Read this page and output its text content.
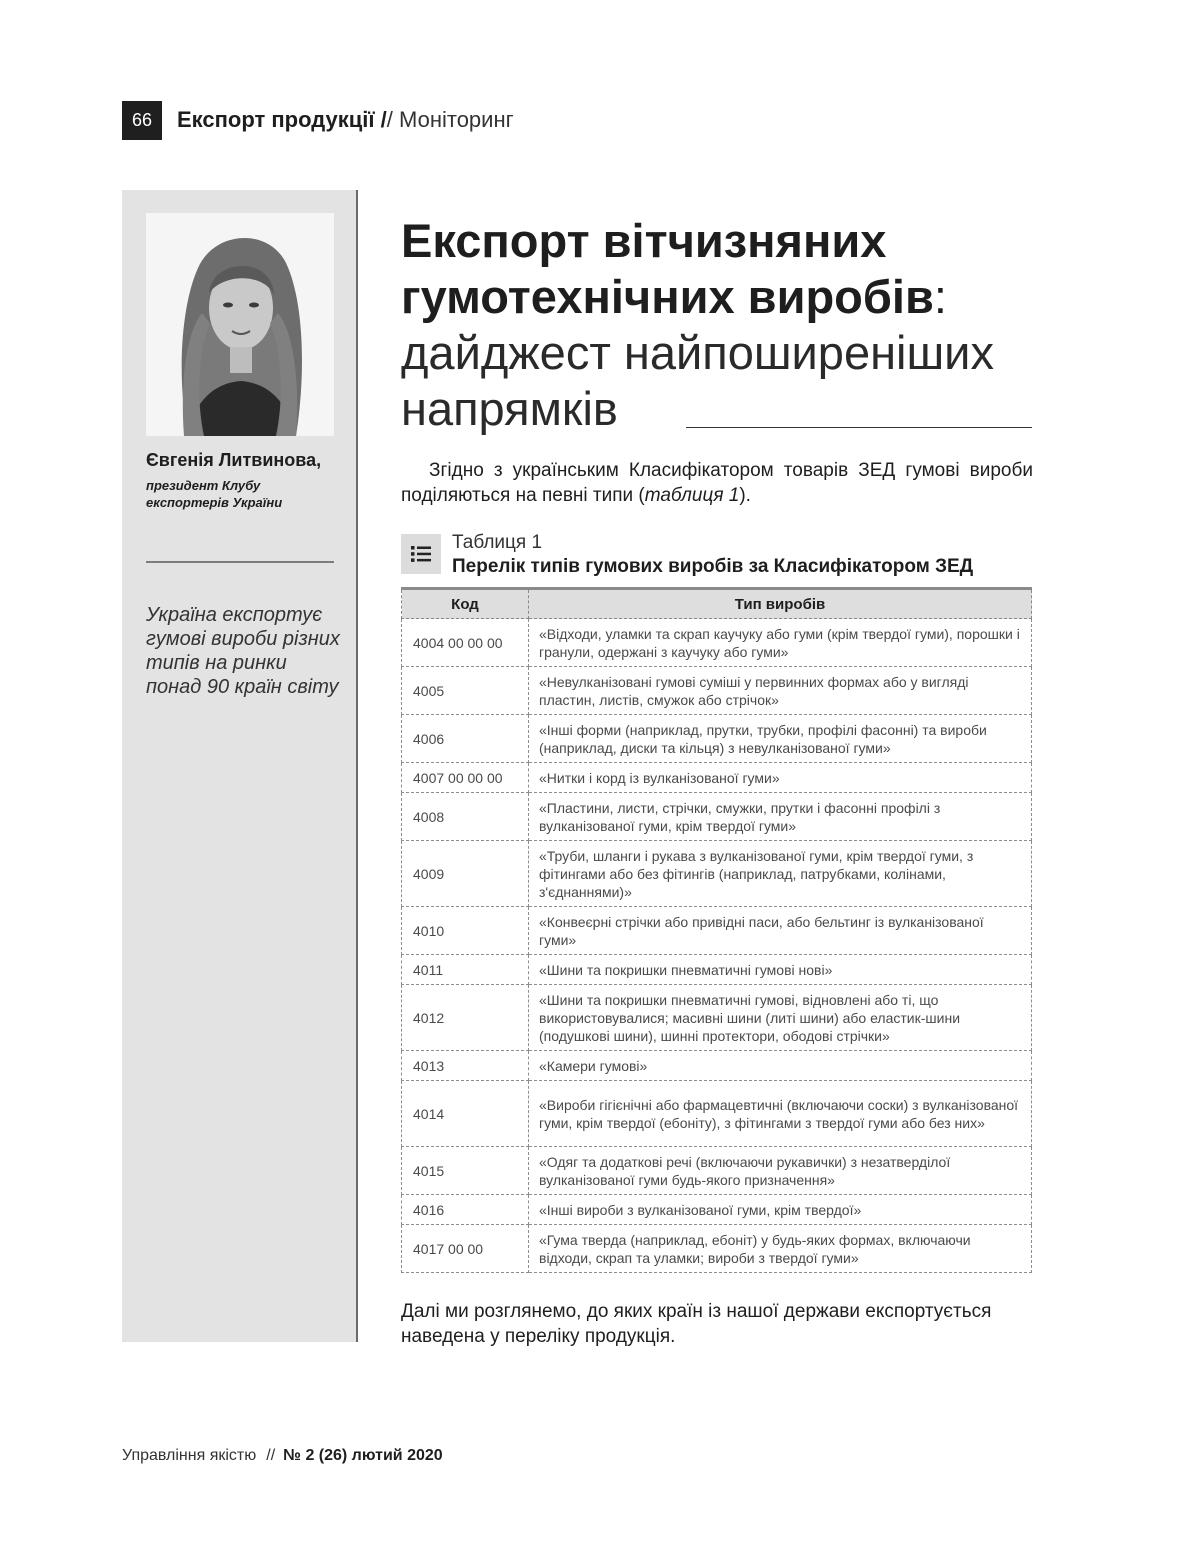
66	Експорт продукції // Моніторинг
Євгенія Литвинова,
президент Клубу експортерів України
Україна експортує гумові вироби різних типів на ринки понад 90 країн світу
Експорт вітчизняних
гумотехнічних виробів:
дайджест найпоширеніших
напрямків

Згідно з українським Класифікатором товарів ЗЕД гумові вироби поділяються на певні типи (таблиця 1).

Таблиця 1
Перелік типів гумових виробів за Класифікатором ЗЕД
Код	Тип виробів
4004 00 00 00	«Відходи, уламки та скрап каучуку або гуми (крім твердої гуми), порошки і гранули, одержані з каучуку або гуми»
4005	«Невулканізовані гумові суміші у первинних формах або у вигляді пластин, листів, смужок або стрічок»
4006	«Інші форми (наприклад, прутки, трубки, профілі фасонні) та вироби (наприклад, диски та кільця) з невулканізованої гуми»
4007 00 00 00	«Нитки і корд із вулканізованої гуми»
4008	«Пластини, листи, стрічки, смужки, прутки і фасонні профілі з вулканізованої гуми, крім твердої гуми»
4009	«Труби, шланги і рукава з вулканізованої гуми, крім твердої гуми, з фітингами або без фітингів (наприклад, патрубками, колінами, з'єднаннями)»
4010	«Конвеєрні стрічки або привідні паси, або бельтинг із вулканізованої гуми»
4011	«Шини та покришки пневматичні гумові нові»
4012	«Шини та покришки пневматичні гумові, відновлені або ті, що використовувалися; масивні шини (литі шини) або еластик-шини (подушкові шини), шинні протектори, ободові стрічки»
4013	«Камери гумові»
4014	«Вироби гігієнічні або фармацевтичні (включаючи соски) з вулканізованої гуми, крім твердої (ебоніту), з фітингами з твердої гуми або без них»
4015	«Одяг та додаткові речі (включаючи рукавички) з незатверділої вулканізованої гуми будь-якого призначення»
4016	«Інші вироби з вулканізованої гуми, крім твердої»
4017 00 00	«Гума тверда (наприклад, ебоніт) у будь-яких формах, включаючи відходи, скрап та уламки; вироби з твердої гуми»

Далі ми розглянемо, до яких країн із нашої держави експортується наведена у переліку продукція.

Управління якістю // № 2 (26) лютий 2020
